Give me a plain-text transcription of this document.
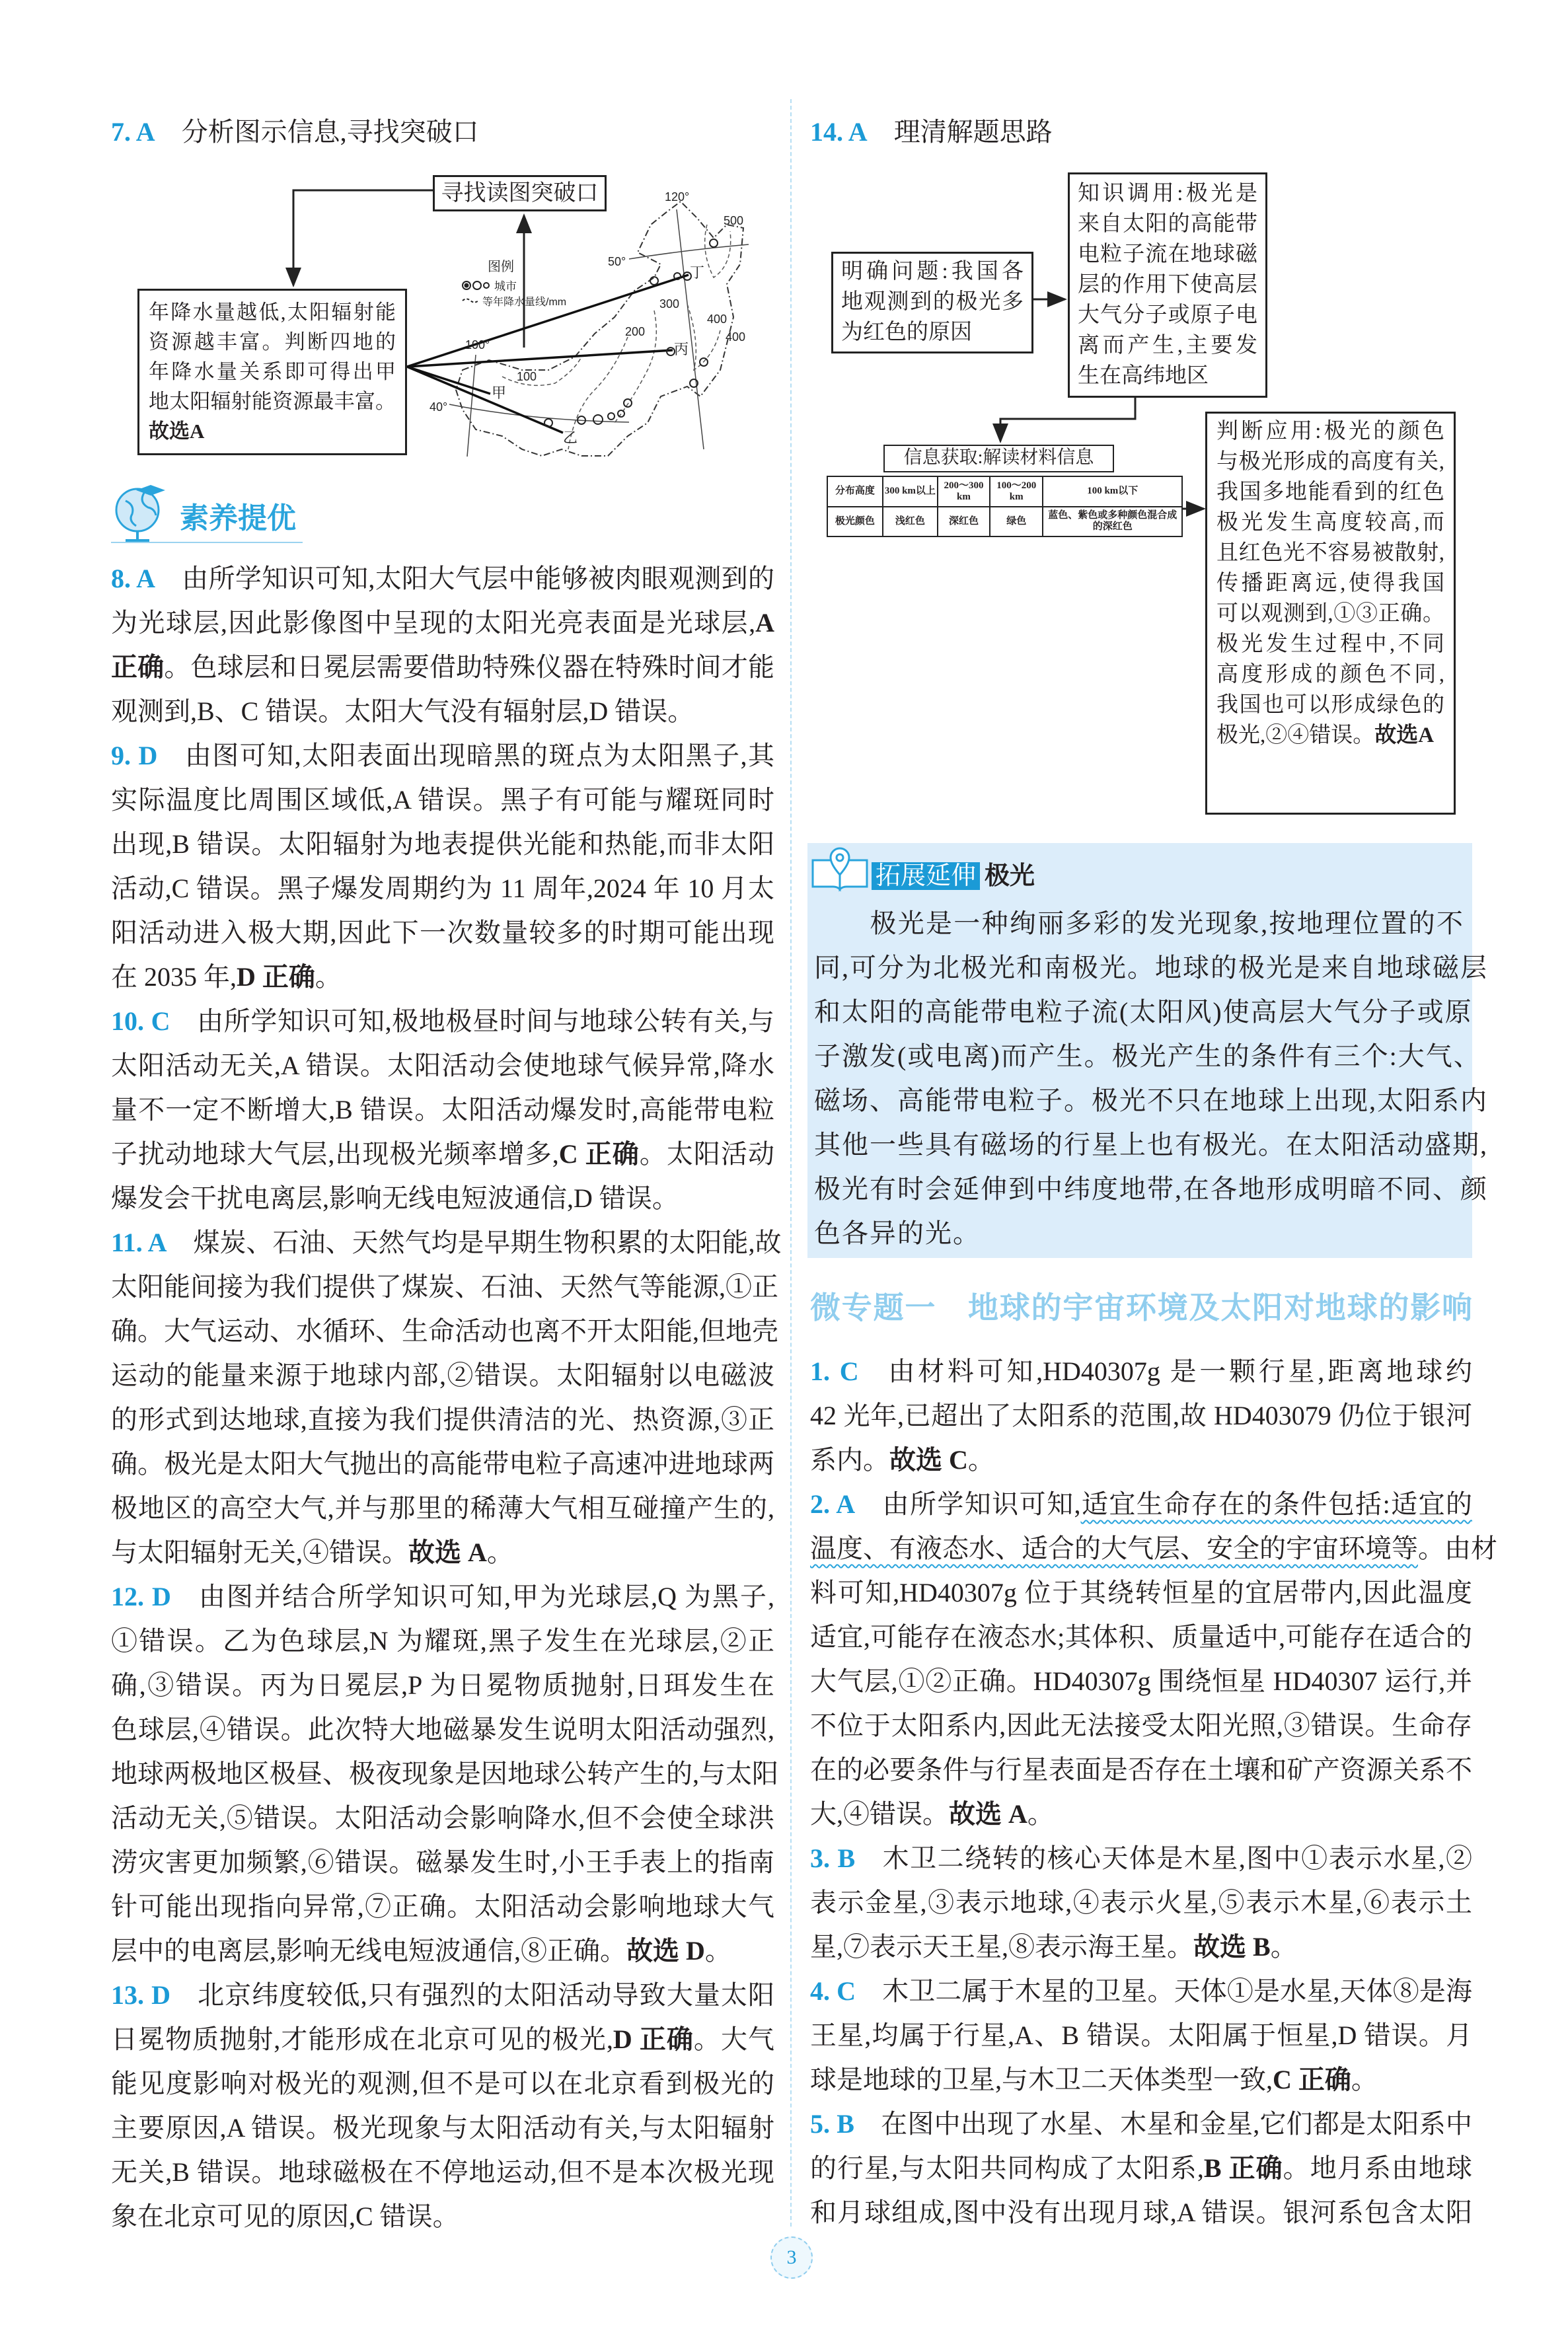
7. A 分析图示信息,寻找突破口
120°
500
50°
300
400
400
200
100°
100
40°
丁
丙
甲
乙
图例
城市
等年降水量线/mm
寻找读图突破口
年降水量越低,太阳辐射能
资源越丰富。判断四地的
年降水量关系即可得出甲
地太阳辐射能资源最丰富。
故选A
素养提优
8. A 由所学知识可知,太阳大气层中能够被肉眼观测到的
为光球层,因此影像图中呈现的太阳光亮表面是光球层,A
正确。色球层和日冕层需要借助特殊仪器在特殊时间才能
观测到,B、C 错误。太阳大气没有辐射层,D 错误。
9. D 由图可知,太阳表面出现暗黑的斑点为太阳黑子,其
实际温度比周围区域低,A 错误。黑子有可能与耀斑同时
出现,B 错误。太阳辐射为地表提供光能和热能,而非太阳
活动,C 错误。黑子爆发周期约为 11 周年,2024 年 10 月太
阳活动进入极大期,因此下一次数量较多的时期可能出现
在 2035 年,D 正确。
10. C 由所学知识可知,极地极昼时间与地球公转有关,与
太阳活动无关,A 错误。太阳活动会使地球气候异常,降水
量不一定不断增大,B 错误。太阳活动爆发时,高能带电粒
子扰动地球大气层,出现极光频率增多,C 正确。太阳活动
爆发会干扰电离层,影响无线电短波通信,D 错误。
11. A 煤炭、石油、天然气均是早期生物积累的太阳能,故
太阳能间接为我们提供了煤炭、石油、天然气等能源,①正
确。大气运动、水循环、生命活动也离不开太阳能,但地壳
运动的能量来源于地球内部,②错误。太阳辐射以电磁波
的形式到达地球,直接为我们提供清洁的光、热资源,③正
确。极光是太阳大气抛出的高能带电粒子高速冲进地球两
极地区的高空大气,并与那里的稀薄大气相互碰撞产生的,
与太阳辐射无关,④错误。故选 A。
12. D 由图并结合所学知识可知,甲为光球层,Q 为黑子,
①错误。乙为色球层,N 为耀斑,黑子发生在光球层,②正
确,③错误。丙为日冕层,P 为日冕物质抛射,日珥发生在
色球层,④错误。此次特大地磁暴发生说明太阳活动强烈,
地球两极地区极昼、极夜现象是因地球公转产生的,与太阳
活动无关,⑤错误。太阳活动会影响降水,但不会使全球洪
涝灾害更加频繁,⑥错误。磁暴发生时,小王手表上的指南
针可能出现指向异常,⑦正确。太阳活动会影响地球大气
层中的电离层,影响无线电短波通信,⑧正确。故选 D。
13. D 北京纬度较低,只有强烈的太阳活动导致大量太阳
日冕物质抛射,才能形成在北京可见的极光,D 正确。大气
能见度影响对极光的观测,但不是可以在北京看到极光的
主要原因,A 错误。极光现象与太阳活动有关,与太阳辐射
无关,B 错误。地球磁极在不停地运动,但不是本次极光现
象在北京可见的原因,C 错误。
14. A 理清解题思路
明确问题:我国各
地观测到的极光多
为红色的原因
知识调用:极光是
来自太阳的高能带
电粒子流在地球磁
层的作用下使高层
大气分子或原子电
离而产生,主要发
生在高纬地区
信息获取:解读材料信息
分布高度	300 km以上	200～300 km	100～200 km	100 km以下
极光颜色	浅红色	深红色	绿色	蓝色、紫色或多种颜色混合成的深红色
判断应用:极光的颜色
与极光形成的高度有关,
我国多地能看到的红色
极光发生高度较高,而
且红色光不容易被散射,
传播距离远,使得我国
可以观测到,①③正确。
极光发生过程中,不同
高度形成的颜色不同,
我国也可以形成绿色的
极光,②④错误。故选A
拓展延伸 极光
　　极光是一种绚丽多彩的发光现象,按地理位置的不
同,可分为北极光和南极光。地球的极光是来自地球磁层
和太阳的高能带电粒子流(太阳风)使高层大气分子或原
子激发(或电离)而产生。极光产生的条件有三个:大气、
磁场、高能带电粒子。极光不只在地球上出现,太阳系内
其他一些具有磁场的行星上也有极光。在太阳活动盛期,
极光有时会延伸到中纬度地带,在各地形成明暗不同、颜
色各异的光。
微专题一　地球的宇宙环境及太阳对地球的影响
1. C 由材料可知,HD40307g 是一颗行星,距离地球约
42 光年,已超出了太阳系的范围,故 HD403079 仍位于银河
系内。故选 C。
2. A 由所学知识可知,适宜生命存在的条件包括:适宜的
温度、有液态水、适合的大气层、安全的宇宙环境等。由材
料可知,HD40307g 位于其绕转恒星的宜居带内,因此温度
适宜,可能存在液态水;其体积、质量适中,可能存在适合的
大气层,①②正确。HD40307g 围绕恒星 HD40307 运行,并
不位于太阳系内,因此无法接受太阳光照,③错误。生命存
在的必要条件与行星表面是否存在土壤和矿产资源关系不
大,④错误。故选 A。
3. B 木卫二绕转的核心天体是木星,图中①表示水星,②
表示金星,③表示地球,④表示火星,⑤表示木星,⑥表示土
星,⑦表示天王星,⑧表示海王星。故选 B。
4. C 木卫二属于木星的卫星。天体①是水星,天体⑧是海
王星,均属于行星,A、B 错误。太阳属于恒星,D 错误。月
球是地球的卫星,与木卫二天体类型一致,C 正确。
5. B 在图中出现了水星、木星和金星,它们都是太阳系中
的行星,与太阳共同构成了太阳系,B 正确。地月系由地球
和月球组成,图中没有出现月球,A 错误。银河系包含太阳
3
